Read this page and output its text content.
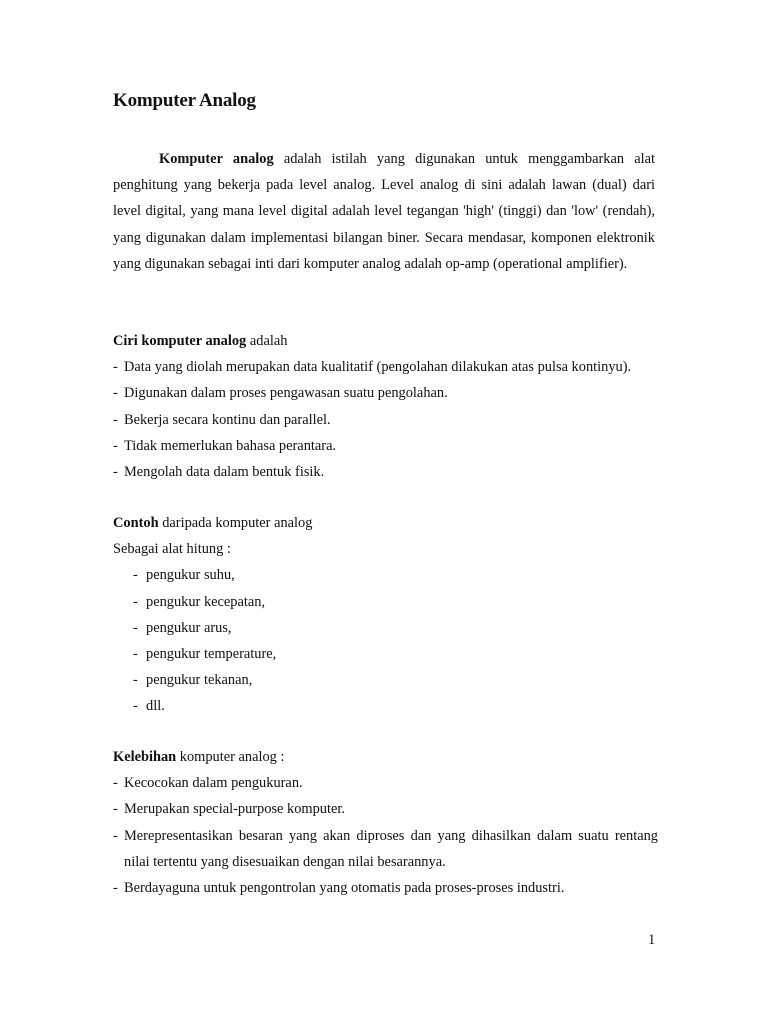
Komputer Analog

Komputer analog adalah istilah yang digunakan untuk menggambarkan alat penghitung yang bekerja pada level analog. Level analog di sini adalah lawan (dual) dari level digital, yang mana level digital adalah level tegangan 'high' (tinggi) dan 'low' (rendah), yang digunakan dalam implementasi bilangan biner. Secara mendasar, komponen elektronik yang digunakan sebagai inti dari komputer analog adalah op-amp (operational amplifier).

Ciri komputer analog adalah
- Data yang diolah merupakan data kualitatif (pengolahan dilakukan atas pulsa kontinyu).
- Digunakan dalam proses pengawasan suatu pengolahan.
- Bekerja secara kontinu dan parallel.
- Tidak memerlukan bahasa perantara.
- Mengolah data dalam bentuk fisik.
Contoh daripada komputer analog
Sebagai alat hitung :
- pengukur suhu,
- pengukur kecepatan,
- pengukur arus,
- pengukur temperature,
- pengukur tekanan,
- dll.
Kelebihan komputer analog :
- Kecocokan dalam pengukuran.
- Merupakan special-purpose komputer.
- Merepresentasikan besaran yang akan diproses dan yang dihasilkan dalam suatu rentang nilai tertentu yang disesuaikan dengan nilai besarannya.
- Berdayaguna untuk pengontrolan yang otomatis pada proses-proses industri.
1
